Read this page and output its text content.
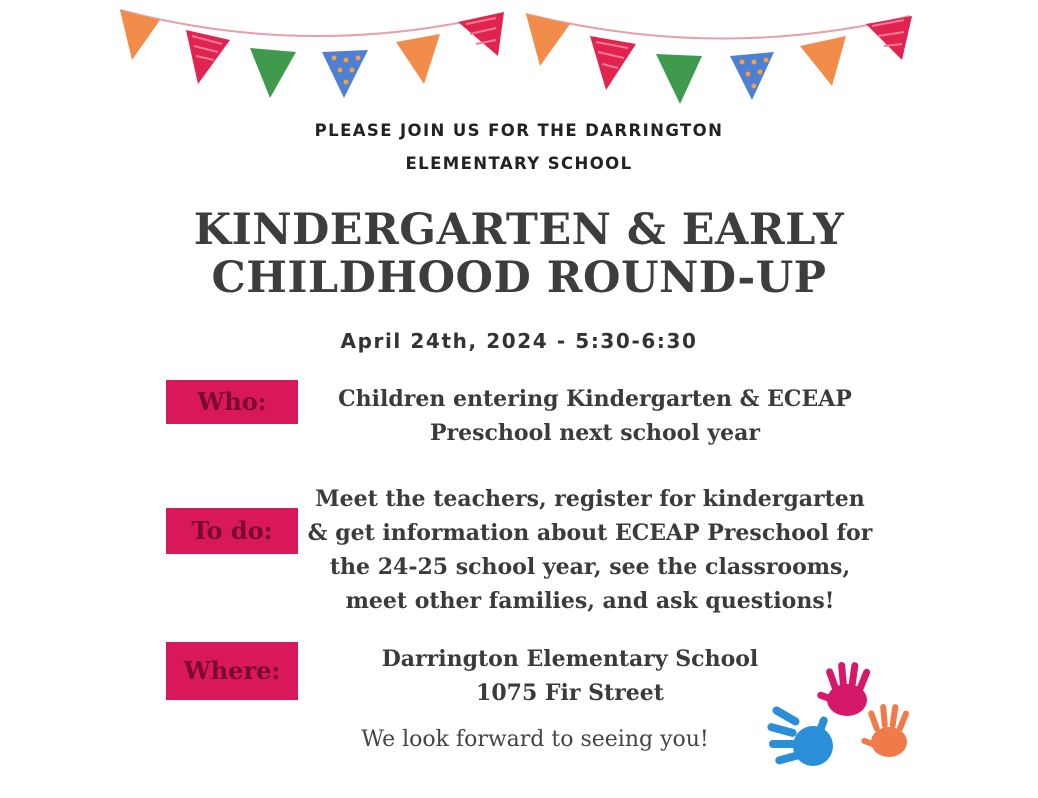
PLEASE JOIN US FOR THE DARRINGTON
ELEMENTARY SCHOOL
KINDERGARTEN & EARLY
CHILDHOOD ROUND-UP
April 24th, 2024 - 5:30-6:30
Who:	Children entering Kindergarten & ECEAP
Preschool next school year
To do:
Meet the teachers, register for kindergarten
& get information about ECEAP Preschool for
the 24-25 school year, see the classrooms,
meet other families, and ask questions!
Where:	Darrington Elementary School
1075 Fir Street
We look forward to seeing you!
